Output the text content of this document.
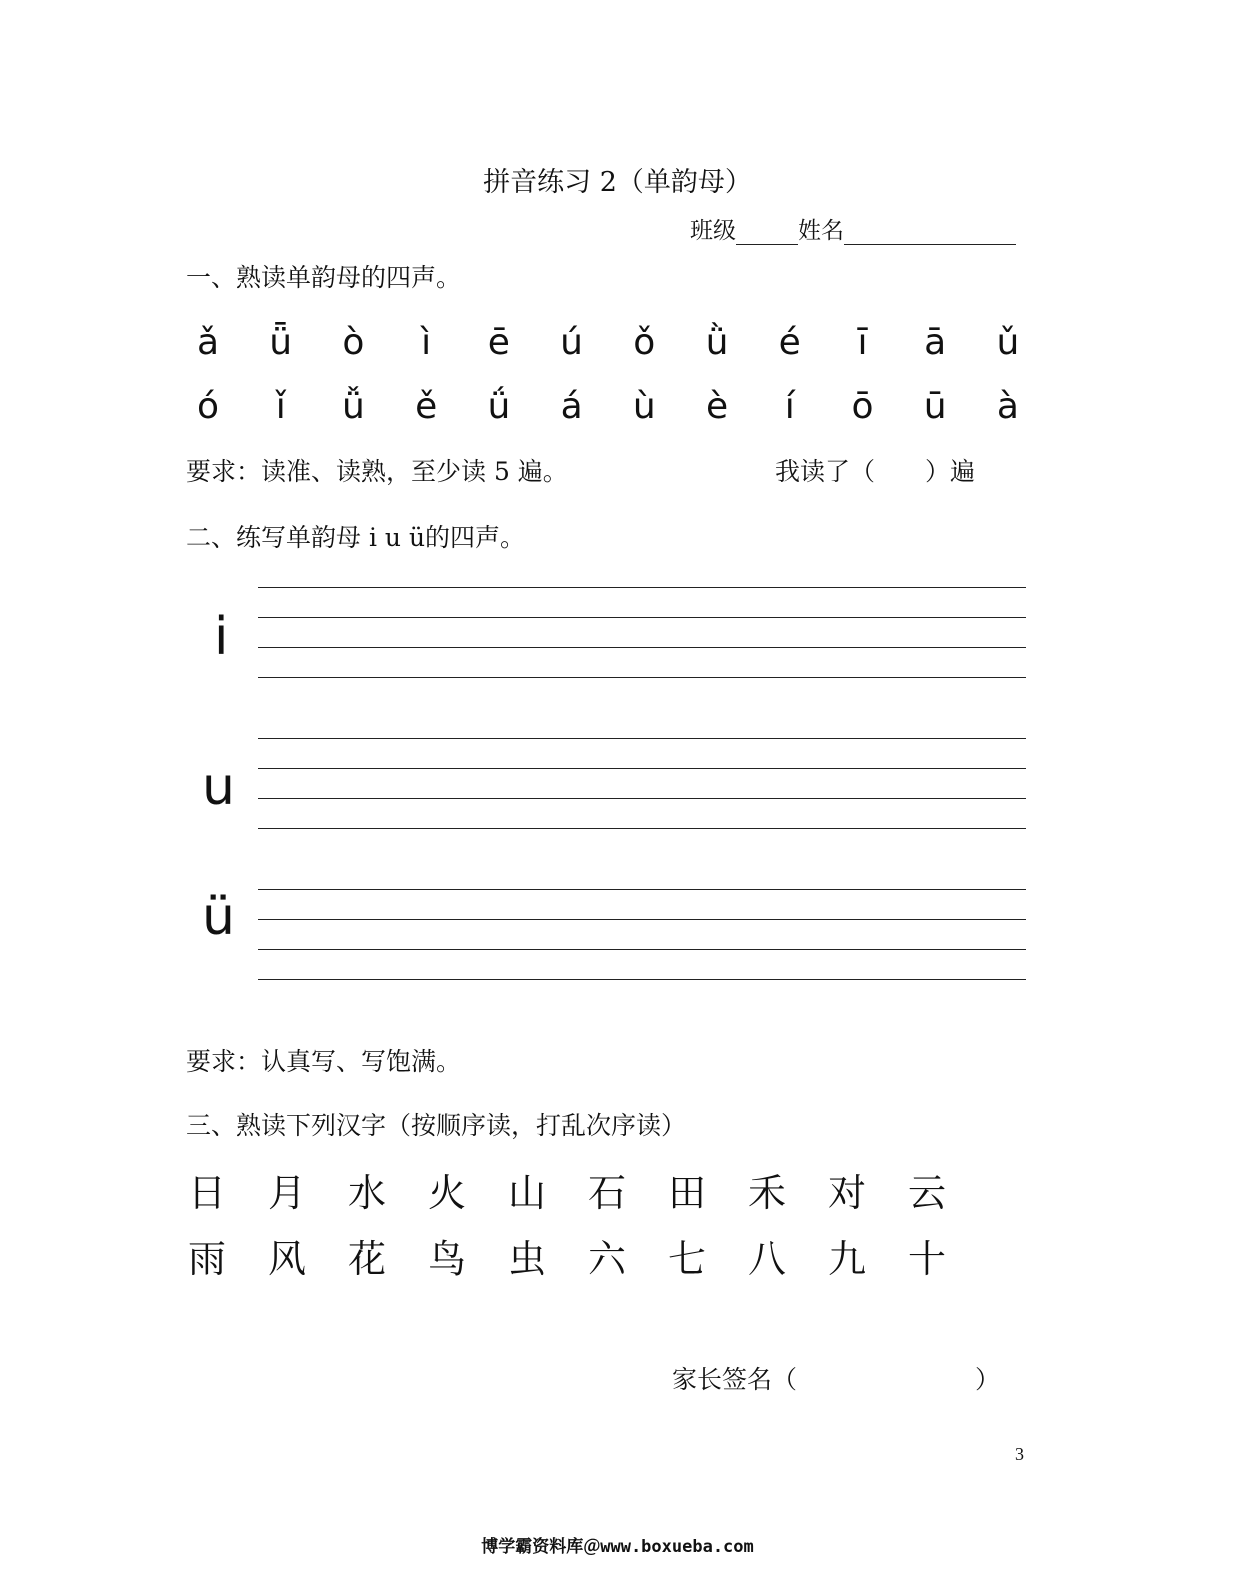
拼音练习 2（单韵母）
班级	姓名
一、熟读单韵母的四声。
ǎ ǖ ò	ì	ē ú ǒ ǜ é	ī	ā ǔ
ó	ǐ	ǚ ě ǘ á ù è	í	ō ū à
要求：读准、读熟，至少读 5 遍。	我读了（　　）遍
二、练写单韵母 i u ü的四声。
i
u
ü
要求：认真写、写饱满。
三、熟读下列汉字（按顺序读，打乱次序读）
日	月	水	火	山	石	田	禾	对	云
雨	风	花	鸟	虫	六	七	八	九	十
家长签名（	）
3
博学霸资料库＠www.boxueba.com
